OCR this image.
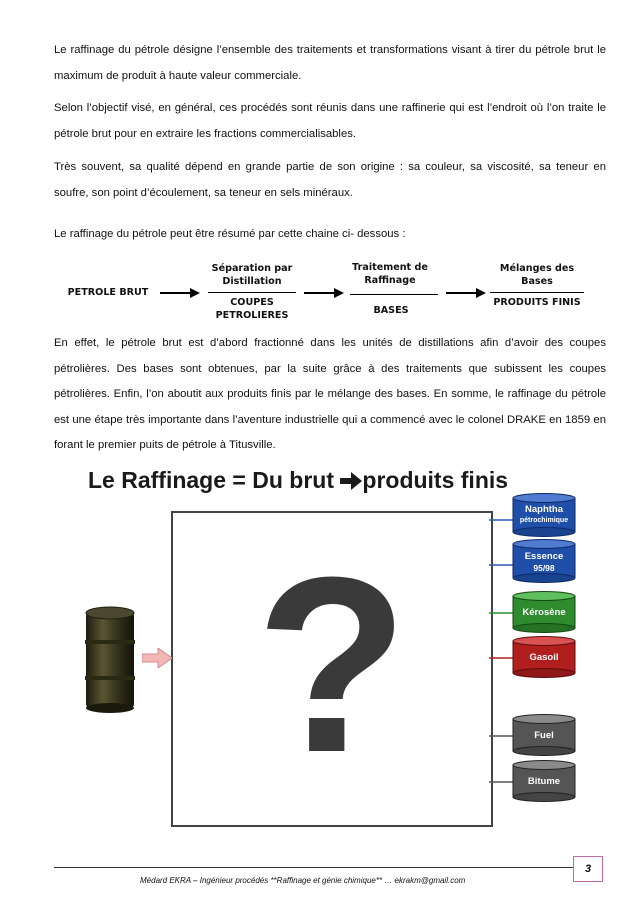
Le raffinage du pétrole désigne l’ensemble des traitements et transformations visant à tirer du pétrole brut le maximum de produit à haute valeur commerciale.

Selon l’objectif visé, en général, ces procédés sont réunis dans une raffinerie qui est l’endroit où l’on traite le pétrole brut pour en extraire les fractions commercialisables.

Très souvent, sa qualité dépend en grande partie de son origine : sa couleur, sa viscosité, sa teneur en soufre, son point d’écoulement, sa teneur en sels minéraux.

Le raffinage du pétrole peut être résumé par cette chaine ci- dessous :

PETROLE BRUT
Séparation par Distillation
COUPES PETROLIERES
Traitement de Raffinage
BASES
Mélanges des Bases
PRODUITS FINIS

En effet, le pétrole brut est d’abord fractionné dans les unités de distillations afin d’avoir des coupes pétrolières. Des bases sont obtenues, par la suite grâce à des traitements que subissent les coupes pétrolières. Enfin, l’on aboutit aux produits finis par le mélange des bases. En somme, le raffinage du pétrole est une étape très importante dans l’aventure industrielle qui a commencé avec le colonel DRAKE en 1859 en forant le premier puits de pétrole à Titusville.

Le Raffinage = Du brut produits finis
?
Naphtha
pétrochimique
Essence
95/98
Kérosène
Gasoil
Fuel
Bitume
3
Médard EKRA – Ingénieur procédés **Raffinage et génie chimique** … ekrakm@gmail.com
